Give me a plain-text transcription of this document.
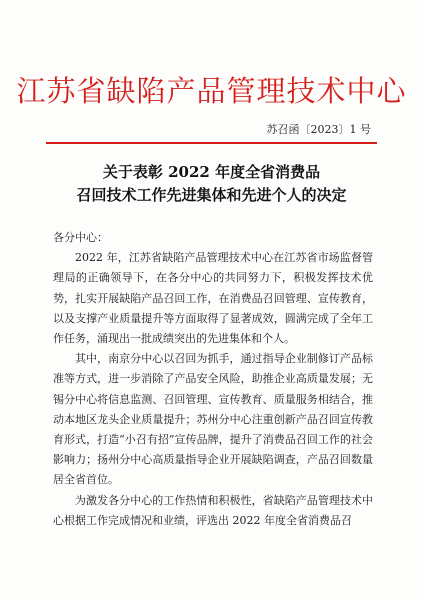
江苏省缺陷产品管理技术中心
苏召函〔2023〕1 号
关于表彰 2022 年度全省消费品
召回技术工作先进集体和先进个人的决定
各分中心：

2022 年，江苏省缺陷产品管理技术中心在江苏省市场监督管理局的正确领导下，在各分中心的共同努力下，积极发挥技术优势，扎实开展缺陷产品召回工作，在消费品召回管理、宣传教育，以及支撑产业质量提升等方面取得了显著成效，圆满完成了全年工作任务，涌现出一批成绩突出的先进集体和个人。

其中，南京分中心以召回为抓手，通过指导企业制修订产品标准等方式，进一步消除了产品安全风险，助推企业高质量发展；无锡分中心将信息监测、召回管理、宣传教育、质量服务相结合，推动本地区龙头企业质量提升；苏州分中心注重创新产品召回宣传教育形式，打造“小召有招”宣传品牌，提升了消费品召回工作的社会影响力；扬州分中心高质量指导企业开展缺陷调查，产品召回数量居全省首位。

为激发各分中心的工作热情和积极性，省缺陷产品管理技术中心根据工作完成情况和业绩，评选出 2022 年度全省消费品召
